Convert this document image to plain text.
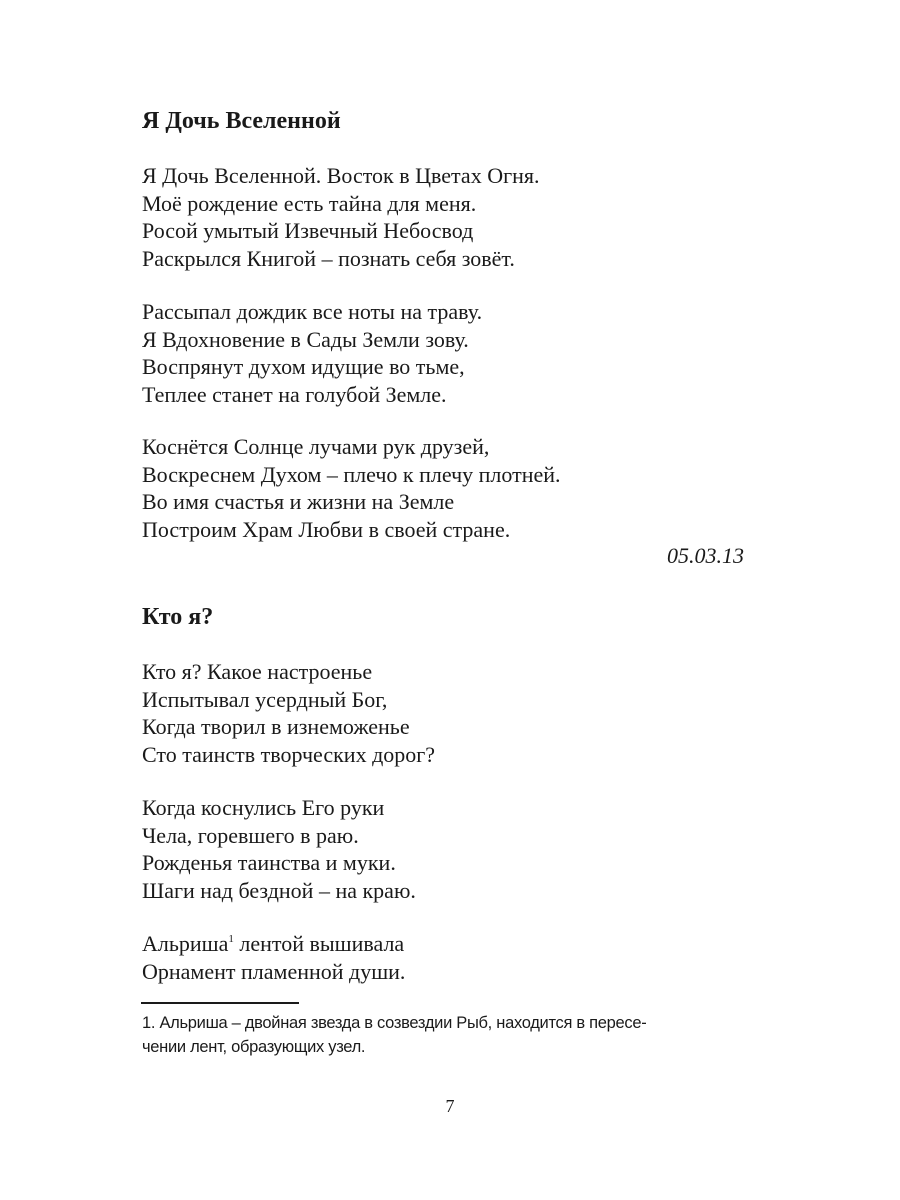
Я Дочь Вселенной
Я Дочь Вселенной. Восток в Цветах Огня.
Моё рождение есть тайна для меня.
Росой умытый Извечный Небосвод
Раскрылся Книгой – познать себя зовёт.
Рассыпал дождик все ноты на траву.
Я Вдохновение в Сады Земли зову.
Воспрянут духом идущие во тьме,
Теплее станет на голубой Земле.
Коснётся Солнце лучами рук друзей,
Воскреснем Духом – плечо к плечу плотней.
Во имя счастья и жизни на Земле
Построим Храм Любви в своей стране.
05.03.13
Кто я?
Кто я? Какое настроенье
Испытывал усердный Бог,
Когда творил в изнеможенье
Сто таинств творческих дорог?
Когда коснулись Его руки
Чела, горевшего в раю.
Рожденья таинства и муки.
Шаги над бездной – на краю.
Альриша$^1$ лентой вышивала
Орнамент пламенной души.
1. Альриша – двойная звезда в созвездии Рыб, находится в пересе-
чении лент, образующих узел.
7
